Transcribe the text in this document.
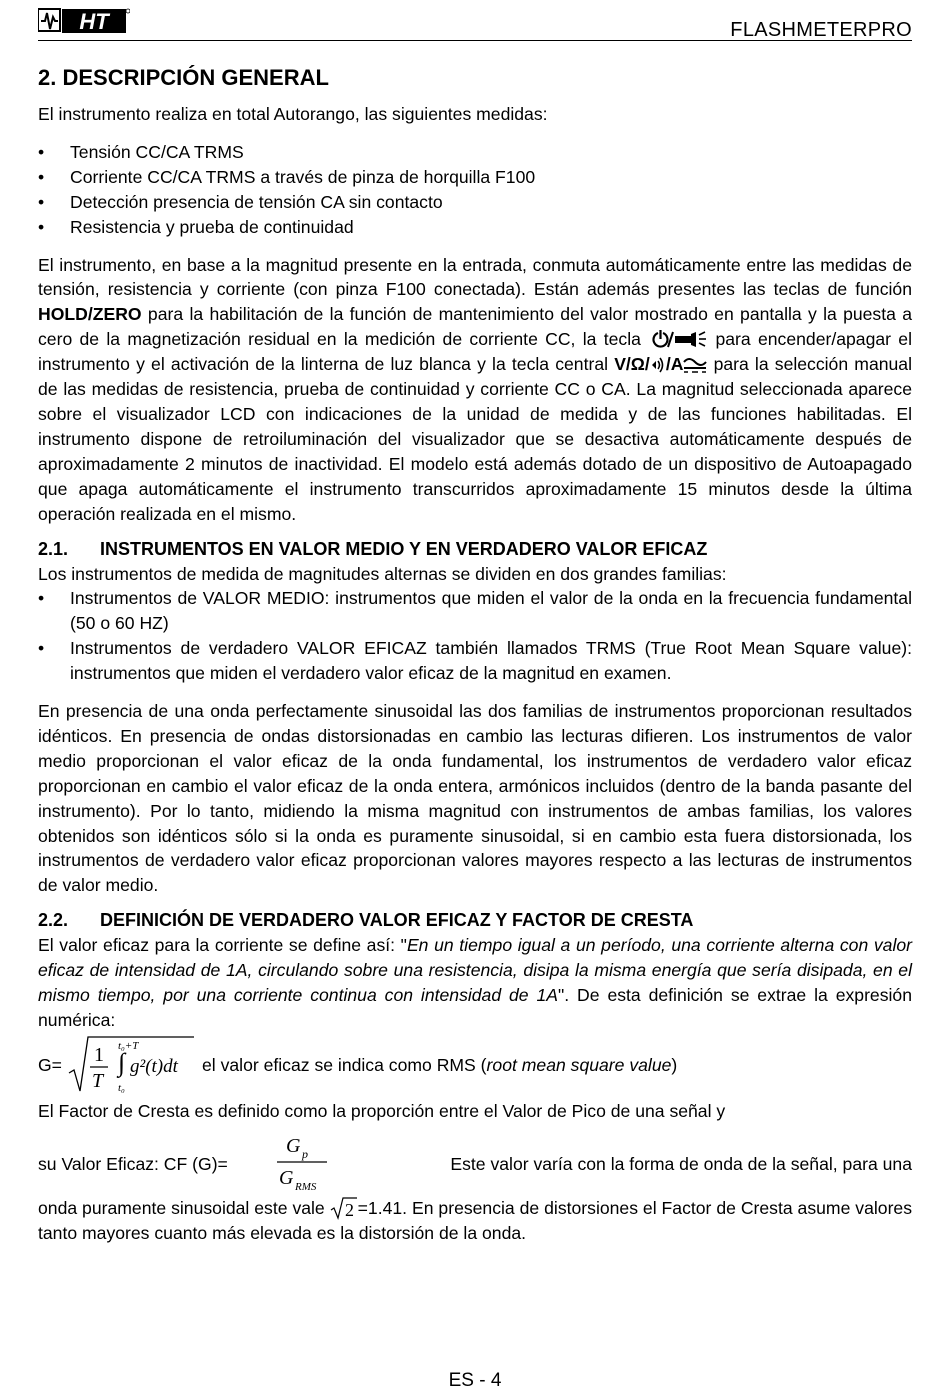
HT	FLASHMETERPRO
2. DESCRIPCIÓN GENERAL

El instrumento realiza en total Autorango, las siguientes medidas:

• Tensión CC/CA TRMS
• Corriente CC/CA TRMS a través de pinza de horquilla F100
• Detección presencia de tensión CA sin contacto
• Resistencia y prueba de continuidad

El instrumento, en base a la magnitud presente en la entrada, conmuta automáticamente entre las medidas de tensión, resistencia y corriente (con pinza F100 conectada). Están además presentes las teclas de función HOLD/ZERO para la habilitación de la función de mantenimiento del valor mostrado en pantalla y la puesta a cero de la magnetización residual en la medición de corriente CC, la tecla	para encender/apagar el instrumento y el activación de la linterna de luz blanca y la tecla central V/Ω/ /A para la selección manual de las medidas de resistencia, prueba de continuidad y corriente CC o CA. La magnitud seleccionada aparece sobre el visualizador LCD con indicaciones de la unidad de medida y de las funciones habilitadas. El instrumento dispone de retroiluminación del visualizador que se desactiva automáticamente después de aproximadamente 2 minutos de inactividad. El modelo está además dotado de un dispositivo de Autoapagado que apaga automáticamente el instrumento transcurridos aproximadamente 15 minutos desde la última operación realizada en el mismo.

2.1. INSTRUMENTOS EN VALOR MEDIO Y EN VERDADERO VALOR EFICAZ

Los instrumentos de medida de magnitudes alternas se dividen en dos grandes familias:

• Instrumentos de VALOR MEDIO: instrumentos que miden el valor de la onda en la frecuencia fundamental (50 o 60 HZ)
• Instrumentos de verdadero VALOR EFICAZ también llamados TRMS (True Root Mean Square value): instrumentos que miden el verdadero valor eficaz de la magnitud en examen.

En presencia de una onda perfectamente sinusoidal las dos familias de instrumentos proporcionan resultados idénticos. En presencia de ondas distorsionadas en cambio las lecturas difieren. Los instrumentos de valor medio proporcionan el valor eficaz de la onda fundamental, los instrumentos de verdadero valor eficaz proporcionan en cambio el valor eficaz de la onda entera, armónicos incluidos (dentro de la banda pasante del instrumento). Por lo tanto, midiendo la misma magnitud con instrumentos de ambas familias, los valores obtenidos son idénticos sólo si la onda es puramente sinusoidal, si en cambio esta fuera distorsionada, los instrumentos de verdadero valor eficaz proporcionan valores mayores respecto a las lecturas de instrumentos de valor medio.

2.2. DEFINICIÓN DE VERDADERO VALOR EFICAZ Y FACTOR DE CRESTA

El valor eficaz para la corriente se define así: "En un tiempo igual a un período, una corriente alterna con valor eficaz de intensidad de 1A, circulando sobre una resistencia, disipa la misma energía que sería disipada, en el mismo tiempo, por una corriente continua con intensidad de 1A". De esta definición se extrae la expresión numérica:

G= 1
T
∫
t₀+T
t₀
g²(t)dt el valor eficaz se indica como RMS (root mean square value)

El Factor de Cresta es definido como la proporción entre el Valor de Pico de una señal y

su Valor Eficaz: CF (G)=
G p
G RMS
Este valor varía con la forma de onda de la señal, para una

onda puramente sinusoidal este vale 2 =1.41. En presencia de distorsiones el Factor de Cresta asume valores tanto mayores cuanto más elevada es la distorsión de la onda.

ES - 4
